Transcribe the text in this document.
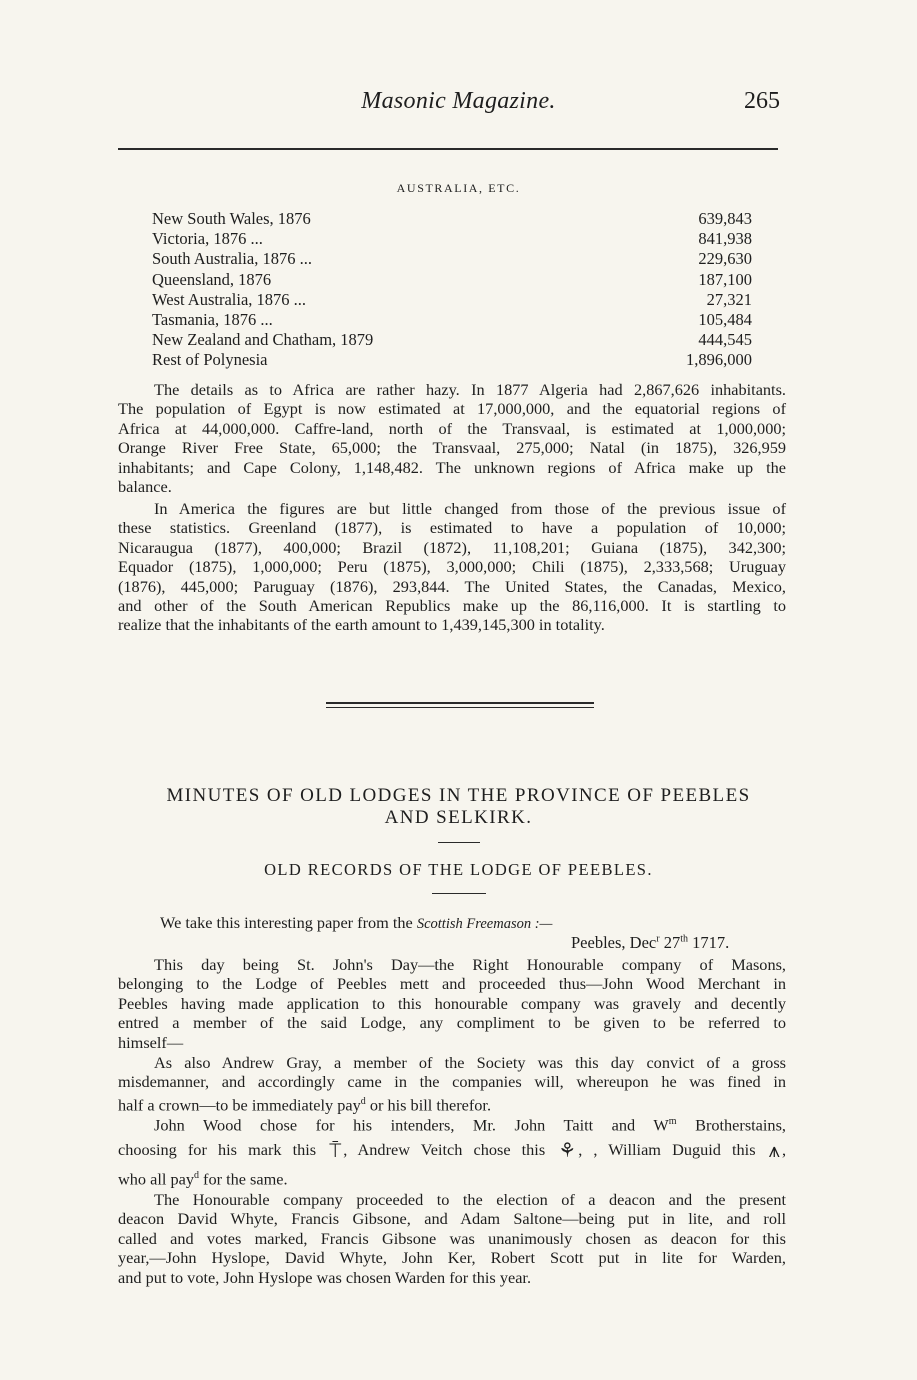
Masonic Magazine.	265
AUSTRALIA, ETC.
New South Wales, 1876	639,843
Victoria, 1876 ...	841,938
South Australia, 1876 ...	229,630
Queensland, 1876	187,100
West Australia, 1876 ...	27,321
Tasmania, 1876 ...	105,484
New Zealand and Chatham, 1879	444,545
Rest of Polynesia	1,896,000
The details as to Africa are rather hazy. In 1877 Algeria had 2,867,626 inhabitants.
The population of Egypt is now estimated at 17,000,000, and the equatorial regions of
Africa at 44,000,000. Caffre-land, north of the Transvaal, is estimated at 1,000,000;
Orange River Free State, 65,000; the Transvaal, 275,000; Natal (in 1875), 326,959
inhabitants; and Cape Colony, 1,148,482. The unknown regions of Africa make up the
balance.
In America the figures are but little changed from those of the previous issue of
these statistics. Greenland (1877), is estimated to have a population of 10,000;
Nicaraugua (1877), 400,000; Brazil (1872), 11,108,201; Guiana (1875), 342,300;
Equador (1875), 1,000,000; Peru (1875), 3,000,000; Chili (1875), 2,333,568; Uruguay
(1876), 445,000; Paruguay (1876), 293,844. The United States, the Canadas, Mexico,
and other of the South American Republics make up the 86,116,000. It is startling to
realize that the inhabitants of the earth amount to 1,439,145,300 in totality.
MINUTES OF OLD LODGES IN THE PROVINCE OF PEEBLES
AND SELKIRK.
OLD RECORDS OF THE LODGE OF PEEBLES.
We take this interesting paper from the Scottish Freemason :—
Peebles, Dec$^r$ 27th 1717.
This day being St. John's Day—the Right Honourable company of Masons,
belonging to the Lodge of Peebles mett and proceeded thus—John Wood Merchant in
Peebles having made application to this honourable company was gravely and decently
entred a member of the said Lodge, any compliment to be given to be referred to
himself—
As also Andrew Gray, a member of the Society was this day convict of a gross
misdemanner, and accordingly came in the companies will, whereupon he was fined in
half a crown—to be immediately pay$^d$ or his bill therefor.
John Wood chose for his intenders, Mr. John Taitt and $W^m$ Brotherstains,
choosing for his mark this ⍑ , Andrew Veitch chose this ⚘ , , William Duguid this ⩚ ,
who all pay$^d$ for the same.
The Honourable company proceeded to the election of a deacon and the present
deacon David Whyte, Francis Gibsone, and Adam Saltone—being put in lite, and roll
called and votes marked, Francis Gibsone was unanimously chosen as deacon for this
year,—John Hyslope, David Whyte, John Ker, Robert Scott put in lite for Warden,
and put to vote, John Hyslope was chosen Warden for this year.
